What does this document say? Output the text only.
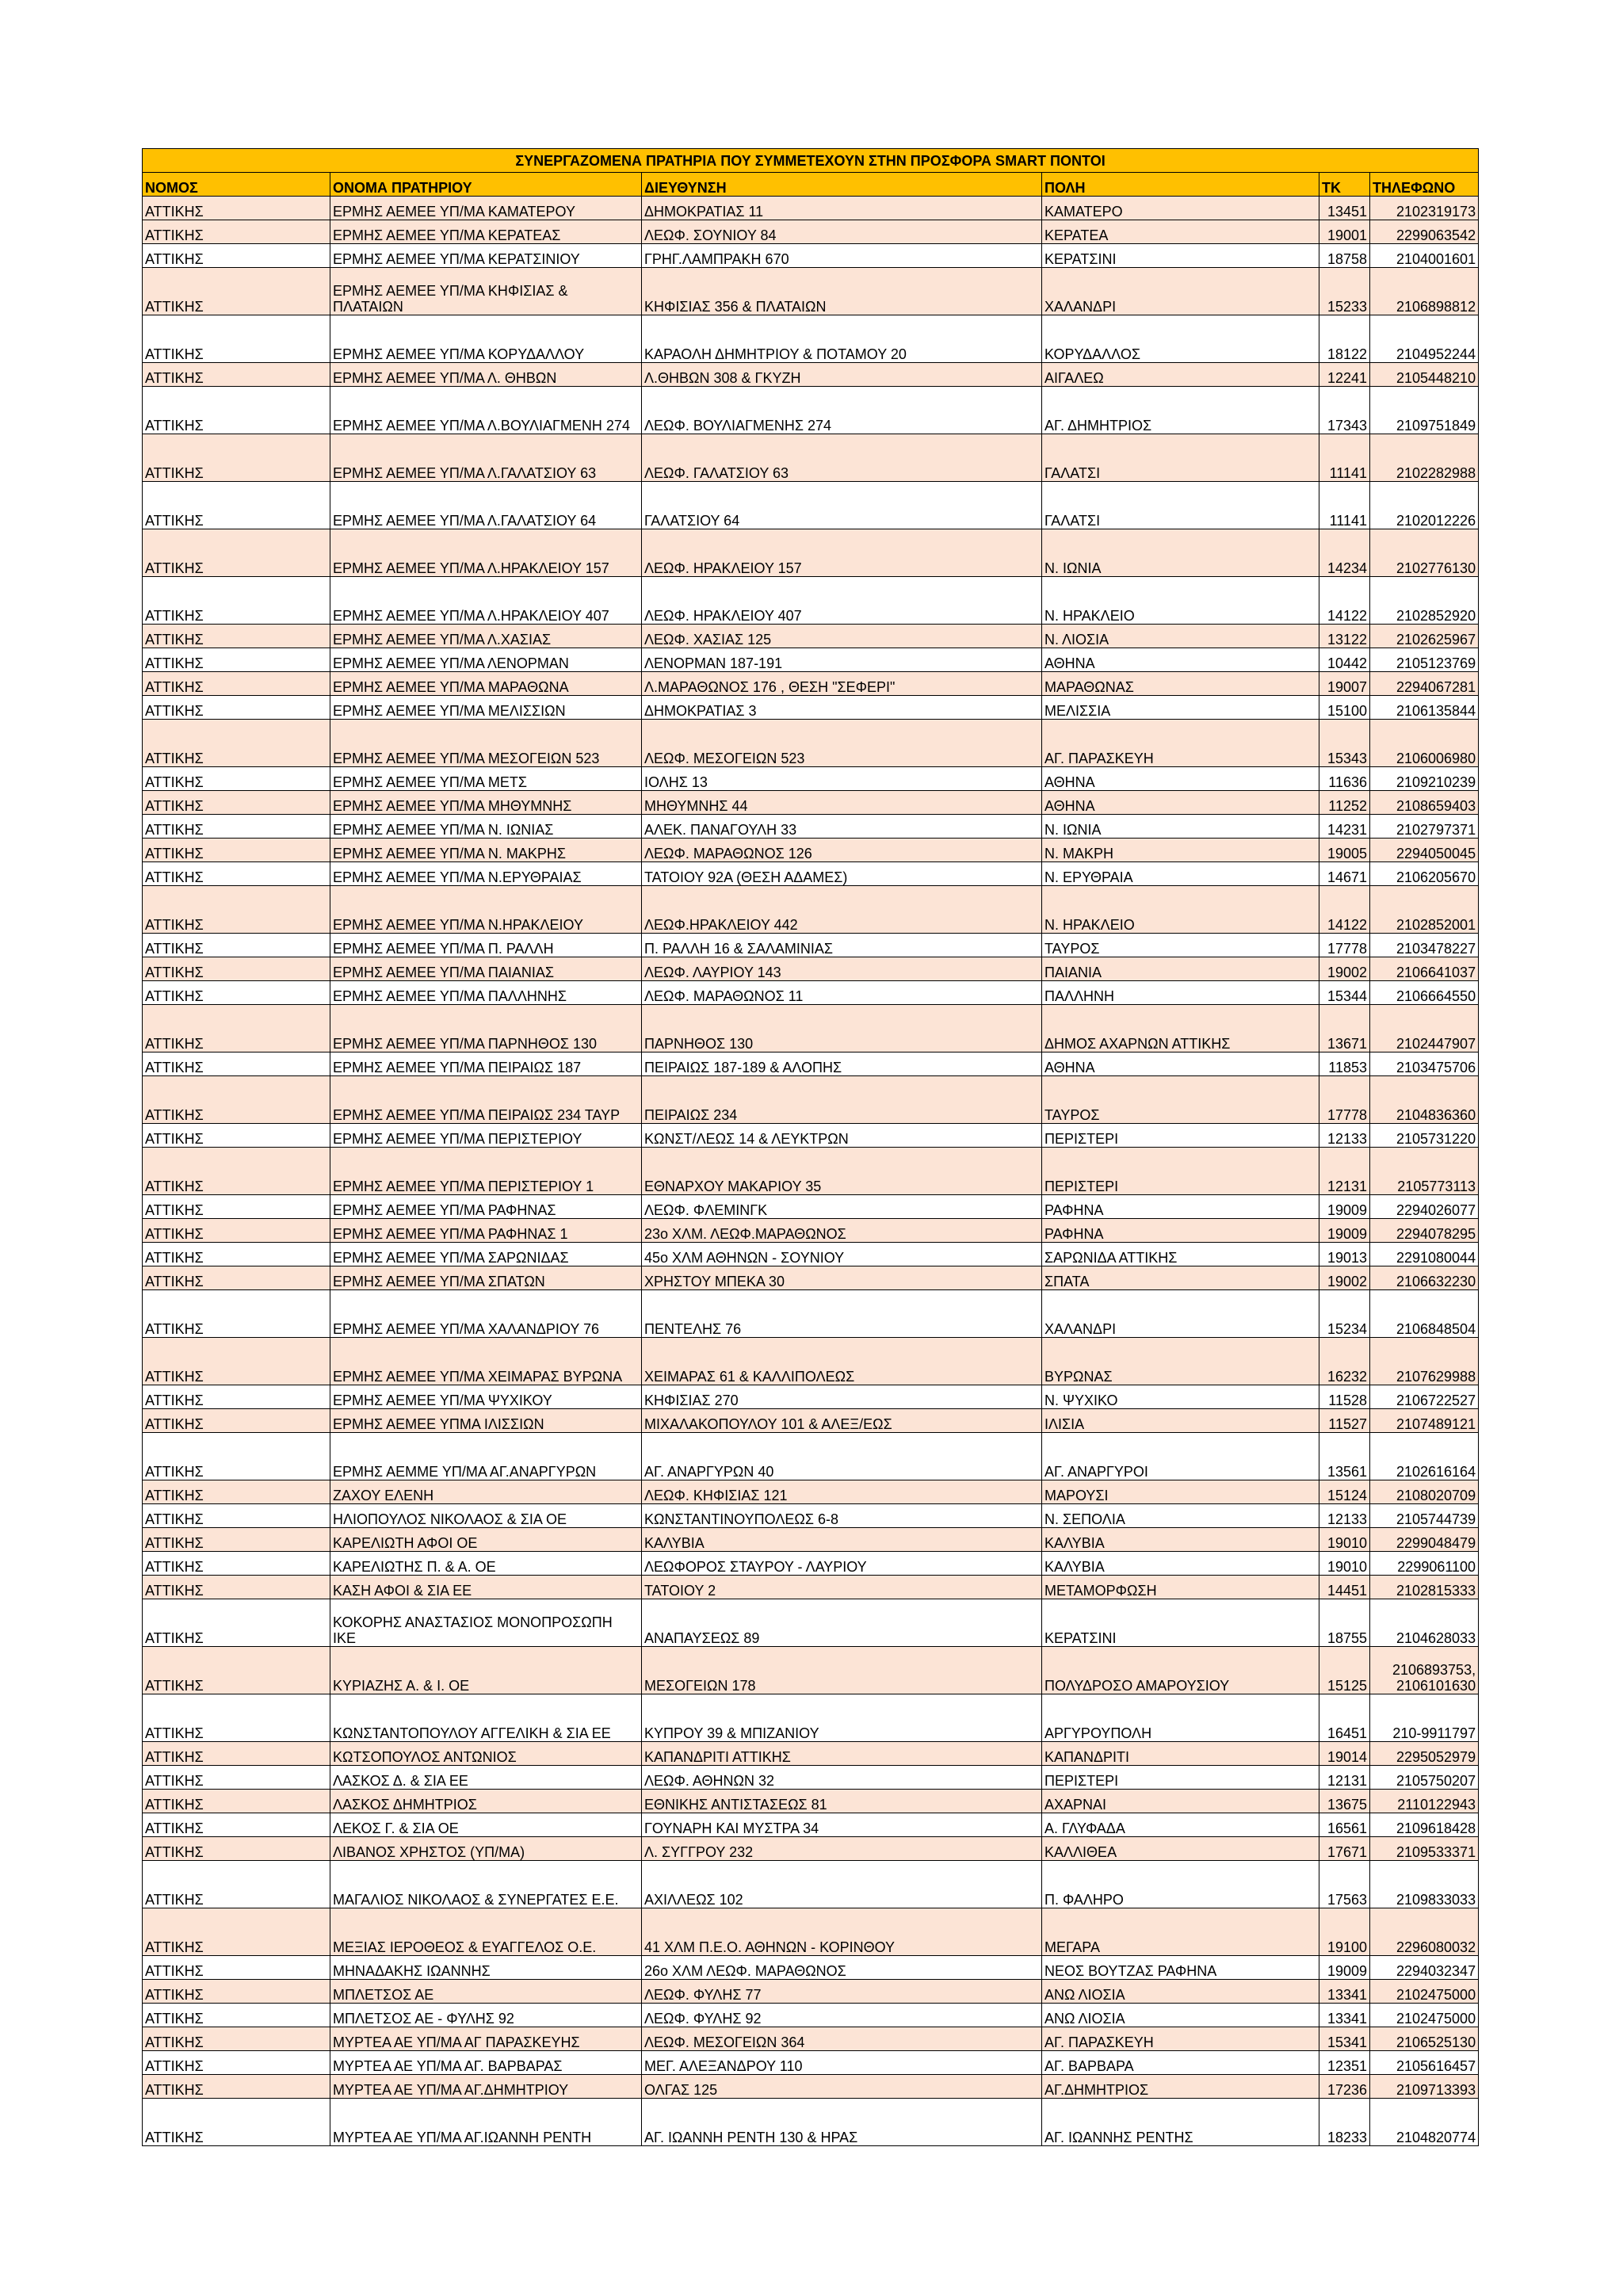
ΣΥΝΕΡΓΑΖΟΜΕΝΑ ΠΡΑΤΗΡΙΑ ΠΟΥ ΣΥΜΜΕΤΕΧΟΥΝ ΣΤΗΝ ΠΡΟΣΦΟΡΑ SMART ΠΟΝΤΟΙ					
ΝΟΜΟΣ	ΟΝΟΜΑ ΠΡΑΤΗΡΙΟΥ	ΔΙΕΥΘΥΝΣΗ	ΠΟΛΗ	ΤΚ	ΤΗΛΕΦΩΝΟ
ΑΤΤΙΚΗΣ	ΕΡΜΗΣ ΑΕΜΕΕ ΥΠ/ΜΑ ΚΑΜΑΤΕΡΟΥ	ΔΗΜΟΚΡΑΤΙΑΣ 11	ΚΑΜΑΤΕΡΟ	13451	2102319173
ΑΤΤΙΚΗΣ	ΕΡΜΗΣ ΑΕΜΕΕ ΥΠ/ΜΑ ΚΕΡΑΤΕΑΣ	ΛΕΩΦ. ΣΟΥΝΙΟΥ 84	ΚΕΡΑΤΕΑ	19001	2299063542
ΑΤΤΙΚΗΣ	ΕΡΜΗΣ ΑΕΜΕΕ ΥΠ/ΜΑ ΚΕΡΑΤΣΙΝΙΟΥ	ΓΡΗΓ.ΛΑΜΠΡΑΚΗ 670	ΚΕΡΑΤΣΙΝΙ	18758	2104001601
ΑΤΤΙΚΗΣ	ΕΡΜΗΣ ΑΕΜΕΕ ΥΠ/ΜΑ ΚΗΦΙΣΙΑΣ & ΠΛΑΤΑΙΩΝ	ΚΗΦΙΣΙΑΣ 356 & ΠΛΑΤΑΙΩΝ	ΧΑΛΑΝΔΡΙ	15233	2106898812
ΑΤΤΙΚΗΣ	ΕΡΜΗΣ ΑΕΜΕΕ ΥΠ/ΜΑ ΚΟΡΥΔΑΛΛΟΥ	ΚΑΡΑΟΛΗ ΔΗΜΗΤΡΙΟΥ & ΠΟΤΑΜΟΥ 20	ΚΟΡΥΔΑΛΛΟΣ	18122	2104952244
ΑΤΤΙΚΗΣ	ΕΡΜΗΣ ΑΕΜΕΕ ΥΠ/ΜΑ Λ. ΘΗΒΩΝ	Λ.ΘΗΒΩΝ 308 & ΓΚΥΖΗ	ΑΙΓΑΛΕΩ	12241	2105448210
ΑΤΤΙΚΗΣ	ΕΡΜΗΣ ΑΕΜΕΕ ΥΠ/ΜΑ Λ.ΒΟΥΛΙΑΓΜΕΝΗ 274	ΛΕΩΦ. ΒΟΥΛΙΑΓΜΕΝΗΣ 274	ΑΓ. ΔΗΜΗΤΡΙΟΣ	17343	2109751849
ΑΤΤΙΚΗΣ	ΕΡΜΗΣ ΑΕΜΕΕ ΥΠ/ΜΑ Λ.ΓΑΛΑΤΣΙΟΥ 63	ΛΕΩΦ. ΓΑΛΑΤΣΙΟΥ 63	ΓΑΛΑΤΣΙ	11141	2102282988
ΑΤΤΙΚΗΣ	ΕΡΜΗΣ ΑΕΜΕΕ ΥΠ/ΜΑ Λ.ΓΑΛΑΤΣΙΟΥ 64	ΓΑΛΑΤΣΙΟΥ 64	ΓΑΛΑΤΣΙ	11141	2102012226
ΑΤΤΙΚΗΣ	ΕΡΜΗΣ ΑΕΜΕΕ ΥΠ/ΜΑ Λ.ΗΡΑΚΛΕΙΟΥ 157	ΛΕΩΦ. ΗΡΑΚΛΕΙΟΥ 157	Ν. ΙΩΝΙΑ	14234	2102776130
ΑΤΤΙΚΗΣ	ΕΡΜΗΣ ΑΕΜΕΕ ΥΠ/ΜΑ Λ.ΗΡΑΚΛΕΙΟΥ 407	ΛΕΩΦ. ΗΡΑΚΛΕΙΟΥ 407	Ν. ΗΡΑΚΛΕΙΟ	14122	2102852920
ΑΤΤΙΚΗΣ	ΕΡΜΗΣ ΑΕΜΕΕ ΥΠ/ΜΑ Λ.ΧΑΣΙΑΣ	ΛΕΩΦ. ΧΑΣΙΑΣ 125	Ν. ΛΙΟΣΙΑ	13122	2102625967
ΑΤΤΙΚΗΣ	ΕΡΜΗΣ ΑΕΜΕΕ ΥΠ/ΜΑ ΛΕΝΟΡΜΑΝ	ΛΕΝΟΡΜΑΝ 187-191	ΑΘΗΝΑ	10442	2105123769
ΑΤΤΙΚΗΣ	ΕΡΜΗΣ ΑΕΜΕΕ ΥΠ/ΜΑ ΜΑΡΑΘΩΝΑ	Λ.ΜΑΡΑΘΩΝΟΣ 176 , ΘΕΣΗ "ΣΕΦΕΡΙ"	ΜΑΡΑΘΩΝΑΣ	19007	2294067281
ΑΤΤΙΚΗΣ	ΕΡΜΗΣ ΑΕΜΕΕ ΥΠ/ΜΑ ΜΕΛΙΣΣΙΩΝ	ΔΗΜΟΚΡΑΤΙΑΣ 3	ΜΕΛΙΣΣΙΑ	15100	2106135844
ΑΤΤΙΚΗΣ	ΕΡΜΗΣ ΑΕΜΕΕ ΥΠ/ΜΑ ΜΕΣΟΓΕΙΩΝ 523	ΛΕΩΦ. ΜΕΣΟΓΕΙΩΝ 523	ΑΓ. ΠΑΡΑΣΚΕΥΗ	15343	2106006980
ΑΤΤΙΚΗΣ	ΕΡΜΗΣ ΑΕΜΕΕ ΥΠ/ΜΑ ΜΕΤΣ	ΙΟΛΗΣ 13	ΑΘΗΝΑ	11636	2109210239
ΑΤΤΙΚΗΣ	ΕΡΜΗΣ ΑΕΜΕΕ ΥΠ/ΜΑ ΜΗΘΥΜΝΗΣ	ΜΗΘΥΜΝΗΣ 44	ΑΘΗΝΑ	11252	2108659403
ΑΤΤΙΚΗΣ	ΕΡΜΗΣ ΑΕΜΕΕ ΥΠ/ΜΑ Ν. ΙΩΝΙΑΣ	ΑΛΕΚ. ΠΑΝΑΓΟΥΛΗ 33	Ν. ΙΩΝΙΑ	14231	2102797371
ΑΤΤΙΚΗΣ	ΕΡΜΗΣ ΑΕΜΕΕ ΥΠ/ΜΑ Ν. ΜΑΚΡΗΣ	ΛΕΩΦ. ΜΑΡΑΘΩΝΟΣ 126	Ν. ΜΑΚΡΗ	19005	2294050045
ΑΤΤΙΚΗΣ	ΕΡΜΗΣ ΑΕΜΕΕ ΥΠ/ΜΑ Ν.ΕΡΥΘΡΑΙΑΣ	ΤΑΤΟΙΟΥ 92Α (ΘΕΣΗ ΑΔΑΜΕΣ)	Ν. ΕΡΥΘΡΑΙΑ	14671	2106205670
ΑΤΤΙΚΗΣ	ΕΡΜΗΣ ΑΕΜΕΕ ΥΠ/ΜΑ Ν.ΗΡΑΚΛΕΙΟΥ	ΛΕΩΦ.ΗΡΑΚΛΕΙΟΥ 442	Ν. ΗΡΑΚΛΕΙΟ	14122	2102852001
ΑΤΤΙΚΗΣ	ΕΡΜΗΣ ΑΕΜΕΕ ΥΠ/ΜΑ Π. ΡΑΛΛΗ	Π. ΡΑΛΛΗ 16 & ΣΑΛΑΜΙΝΙΑΣ	ΤΑΥΡΟΣ	17778	2103478227
ΑΤΤΙΚΗΣ	ΕΡΜΗΣ ΑΕΜΕΕ ΥΠ/ΜΑ ΠΑΙΑΝΙΑΣ	ΛΕΩΦ. ΛΑΥΡΙΟΥ 143	ΠΑΙΑΝΙΑ	19002	2106641037
ΑΤΤΙΚΗΣ	ΕΡΜΗΣ ΑΕΜΕΕ ΥΠ/ΜΑ ΠΑΛΛΗΝΗΣ	ΛΕΩΦ. ΜΑΡΑΘΩΝΟΣ 11	ΠΑΛΛΗΝΗ	15344	2106664550
ΑΤΤΙΚΗΣ	ΕΡΜΗΣ ΑΕΜΕΕ ΥΠ/ΜΑ ΠΑΡΝΗΘΟΣ 130	ΠΑΡΝΗΘΟΣ 130	ΔΗΜΟΣ ΑΧΑΡΝΩΝ ΑΤΤΙΚΗΣ	13671	2102447907
ΑΤΤΙΚΗΣ	ΕΡΜΗΣ ΑΕΜΕΕ ΥΠ/ΜΑ ΠΕΙΡΑΙΩΣ 187	ΠΕΙΡΑΙΩΣ 187-189 & ΑΛΟΠΗΣ	ΑΘΗΝΑ	11853	2103475706
ΑΤΤΙΚΗΣ	ΕΡΜΗΣ ΑΕΜΕΕ ΥΠ/ΜΑ ΠΕΙΡΑΙΩΣ 234 ΤΑΥΡ	ΠΕΙΡΑΙΩΣ 234	ΤΑΥΡΟΣ	17778	2104836360
ΑΤΤΙΚΗΣ	ΕΡΜΗΣ ΑΕΜΕΕ ΥΠ/ΜΑ ΠΕΡΙΣΤΕΡΙΟΥ	ΚΩΝΣΤ/ΛΕΩΣ 14 & ΛΕΥΚΤΡΩΝ	ΠΕΡΙΣΤΕΡΙ	12133	2105731220
ΑΤΤΙΚΗΣ	ΕΡΜΗΣ ΑΕΜΕΕ ΥΠ/ΜΑ ΠΕΡΙΣΤΕΡΙΟΥ 1	ΕΘΝΑΡΧΟΥ ΜΑΚΑΡΙΟΥ 35	ΠΕΡΙΣΤΕΡΙ	12131	2105773113
ΑΤΤΙΚΗΣ	ΕΡΜΗΣ ΑΕΜΕΕ ΥΠ/ΜΑ ΡΑΦΗΝΑΣ	ΛΕΩΦ. ΦΛΕΜΙΝΓΚ	ΡΑΦΗΝΑ	19009	2294026077
ΑΤΤΙΚΗΣ	ΕΡΜΗΣ ΑΕΜΕΕ ΥΠ/ΜΑ ΡΑΦΗΝΑΣ 1	23ο ΧΛΜ. ΛΕΩΦ.ΜΑΡΑΘΩΝΟΣ	ΡΑΦΗΝΑ	19009	2294078295
ΑΤΤΙΚΗΣ	ΕΡΜΗΣ ΑΕΜΕΕ ΥΠ/ΜΑ ΣΑΡΩΝΙΔΑΣ	45ο ΧΛΜ ΑΘΗΝΩΝ - ΣΟΥΝΙΟΥ	ΣΑΡΩΝΙΔΑ ΑΤΤΙΚΗΣ	19013	2291080044
ΑΤΤΙΚΗΣ	ΕΡΜΗΣ ΑΕΜΕΕ ΥΠ/ΜΑ ΣΠΑΤΩΝ	ΧΡΗΣΤΟΥ ΜΠΕΚΑ 30	ΣΠΑΤΑ	19002	2106632230
ΑΤΤΙΚΗΣ	ΕΡΜΗΣ ΑΕΜΕΕ ΥΠ/ΜΑ ΧΑΛΑΝΔΡΙΟΥ 76	ΠΕΝΤΕΛΗΣ 76	ΧΑΛΑΝΔΡΙ	15234	2106848504
ΑΤΤΙΚΗΣ	ΕΡΜΗΣ ΑΕΜΕΕ ΥΠ/ΜΑ ΧΕΙΜΑΡΑΣ ΒΥΡΩΝΑ	ΧΕΙΜΑΡΑΣ 61 & ΚΑΛΛΙΠΟΛΕΩΣ	ΒΥΡΩΝΑΣ	16232	2107629988
ΑΤΤΙΚΗΣ	ΕΡΜΗΣ ΑΕΜΕΕ ΥΠ/ΜΑ ΨΥΧΙΚΟΥ	ΚΗΦΙΣΙΑΣ 270	Ν. ΨΥΧΙΚΟ	11528	2106722527
ΑΤΤΙΚΗΣ	ΕΡΜΗΣ ΑΕΜΕΕ ΥΠΜΑ ΙΛΙΣΣΙΩΝ	ΜΙΧΑΛΑΚΟΠΟΥΛΟΥ 101 & ΑΛΕΞ/ΕΩΣ	ΙΛΙΣΙΑ	11527	2107489121
ΑΤΤΙΚΗΣ	ΕΡΜΗΣ ΑΕΜΜΕ ΥΠ/ΜΑ ΑΓ.ΑΝΑΡΓΥΡΩΝ	ΑΓ. ΑΝΑΡΓΥΡΩΝ 40	ΑΓ. ΑΝΑΡΓΥΡΟΙ	13561	2102616164
ΑΤΤΙΚΗΣ	ΖΑΧΟΥ ΕΛΕΝΗ	ΛΕΩΦ. ΚΗΦΙΣΙΑΣ 121	ΜΑΡΟΥΣΙ	15124	2108020709
ΑΤΤΙΚΗΣ	ΗΛΙΟΠΟΥΛΟΣ ΝΙΚΟΛΑΟΣ & ΣΙΑ ΟΕ	ΚΩΝΣΤΑΝΤΙΝΟΥΠΟΛΕΩΣ 6-8	Ν. ΣΕΠΟΛΙΑ	12133	2105744739
ΑΤΤΙΚΗΣ	ΚΑΡΕΛΙΩΤΗ ΑΦΟΙ ΟΕ	ΚΑΛΥΒΙΑ	ΚΑΛΥΒΙΑ	19010	2299048479
ΑΤΤΙΚΗΣ	ΚΑΡΕΛΙΩΤΗΣ Π. & Α. ΟΕ	ΛΕΩΦΟΡΟΣ ΣΤΑΥΡΟΥ - ΛΑΥΡΙΟΥ	ΚΑΛΥΒΙΑ	19010	2299061100
ΑΤΤΙΚΗΣ	ΚΑΣΗ ΑΦΟΙ & ΣΙΑ ΕΕ	ΤΑΤΟΙΟΥ 2	ΜΕΤΑΜΟΡΦΩΣΗ	14451	2102815333
ΑΤΤΙΚΗΣ	ΚΟΚΟΡΗΣ ΑΝΑΣΤΑΣΙΟΣ ΜΟΝΟΠΡΟΣΩΠΗ ΙΚΕ	ΑΝΑΠΑΥΣΕΩΣ 89	ΚΕΡΑΤΣΙΝΙ	18755	2104628033
ΑΤΤΙΚΗΣ	ΚΥΡΙΑΖΗΣ Α. & Ι. ΟΕ	ΜΕΣΟΓΕΙΩΝ 178	ΠΟΛΥΔΡΟΣΟ ΑΜΑΡΟΥΣΙΟΥ	15125	2106893753, 2106101630
ΑΤΤΙΚΗΣ	ΚΩΝΣΤΑΝΤΟΠΟΥΛΟΥ ΑΓΓΕΛΙΚΗ & ΣΙΑ ΕΕ	ΚΥΠΡΟΥ 39 & ΜΠΙΖΑΝΙΟΥ	ΑΡΓΥΡΟΥΠΟΛΗ	16451	210-9911797
ΑΤΤΙΚΗΣ	ΚΩΤΣΟΠΟΥΛΟΣ ΑΝΤΩΝΙΟΣ	ΚΑΠΑΝΔΡΙΤΙ ΑΤΤΙΚΗΣ	ΚΑΠΑΝΔΡΙΤΙ	19014	2295052979
ΑΤΤΙΚΗΣ	ΛΑΣΚΟΣ Δ. & ΣΙΑ ΕΕ	ΛΕΩΦ. ΑΘΗΝΩΝ 32	ΠΕΡΙΣΤΕΡΙ	12131	2105750207
ΑΤΤΙΚΗΣ	ΛΑΣΚΟΣ ΔΗΜΗΤΡΙΟΣ	ΕΘΝΙΚΗΣ ΑΝΤΙΣΤΑΣΕΩΣ 81	ΑΧΑΡΝΑΙ	13675	2110122943
ΑΤΤΙΚΗΣ	ΛΕΚΟΣ Γ. & ΣΙΑ ΟΕ	ΓΟΥΝΑΡΗ ΚΑΙ ΜΥΣΤΡΑ 34	Α. ΓΛΥΦΑΔΑ	16561	2109618428
ΑΤΤΙΚΗΣ	ΛΙΒΑΝΟΣ ΧΡΗΣΤΟΣ (ΥΠ/ΜΑ)	Λ. ΣΥΓΓΡΟΥ 232	ΚΑΛΛΙΘΕΑ	17671	2109533371
ΑΤΤΙΚΗΣ	ΜΑΓΑΛΙΟΣ ΝΙΚΟΛΑΟΣ & ΣΥΝΕΡΓΑΤΕΣ Ε.Ε.	ΑΧΙΛΛΕΩΣ 102	Π. ΦΑΛΗΡΟ	17563	2109833033
ΑΤΤΙΚΗΣ	ΜΕΞΙΑΣ ΙΕΡΟΘΕΟΣ & ΕΥΑΓΓΕΛΟΣ Ο.Ε.	41 ΧΛΜ Π.Ε.Ο. ΑΘΗΝΩΝ - ΚΟΡΙΝΘΟΥ	ΜΕΓΑΡΑ	19100	2296080032
ΑΤΤΙΚΗΣ	ΜΗΝΑΔΑΚΗΣ ΙΩΑΝΝΗΣ	26ο ΧΛΜ ΛΕΩΦ. ΜΑΡΑΘΩΝΟΣ	ΝΕΟΣ ΒΟΥΤΖΑΣ ΡΑΦΗΝΑ	19009	2294032347
ΑΤΤΙΚΗΣ	ΜΠΛΕΤΣΟΣ ΑΕ	ΛΕΩΦ. ΦΥΛΗΣ 77	ΑΝΩ ΛΙΟΣΙΑ	13341	2102475000
ΑΤΤΙΚΗΣ	ΜΠΛΕΤΣΟΣ ΑΕ - ΦΥΛΗΣ 92	ΛΕΩΦ. ΦΥΛΗΣ 92	ΑΝΩ ΛΙΟΣΙΑ	13341	2102475000
ΑΤΤΙΚΗΣ	ΜΥΡΤΕΑ ΑΕ ΥΠ/ΜΑ ΑΓ ΠΑΡΑΣΚΕΥΗΣ	ΛΕΩΦ. ΜΕΣΟΓΕΙΩΝ 364	ΑΓ. ΠΑΡΑΣΚΕΥΗ	15341	2106525130
ΑΤΤΙΚΗΣ	ΜΥΡΤΕΑ ΑΕ ΥΠ/ΜΑ ΑΓ. ΒΑΡΒΑΡΑΣ	ΜΕΓ. ΑΛΕΞΑΝΔΡΟΥ 110	ΑΓ. ΒΑΡΒΑΡΑ	12351	2105616457
ΑΤΤΙΚΗΣ	ΜΥΡΤΕΑ ΑΕ ΥΠ/ΜΑ ΑΓ.ΔΗΜΗΤΡΙΟΥ	ΟΛΓΑΣ 125	ΑΓ.ΔΗΜΗΤΡΙΟΣ	17236	2109713393
ΑΤΤΙΚΗΣ	ΜΥΡΤΕΑ ΑΕ ΥΠ/ΜΑ ΑΓ.ΙΩΑΝΝΗ ΡΕΝΤΗ	ΑΓ. ΙΩΑΝΝΗ ΡΕΝΤΗ 130 & ΗΡΑΣ	ΑΓ. ΙΩΑΝΝΗΣ ΡΕΝΤΗΣ	18233	2104820774
